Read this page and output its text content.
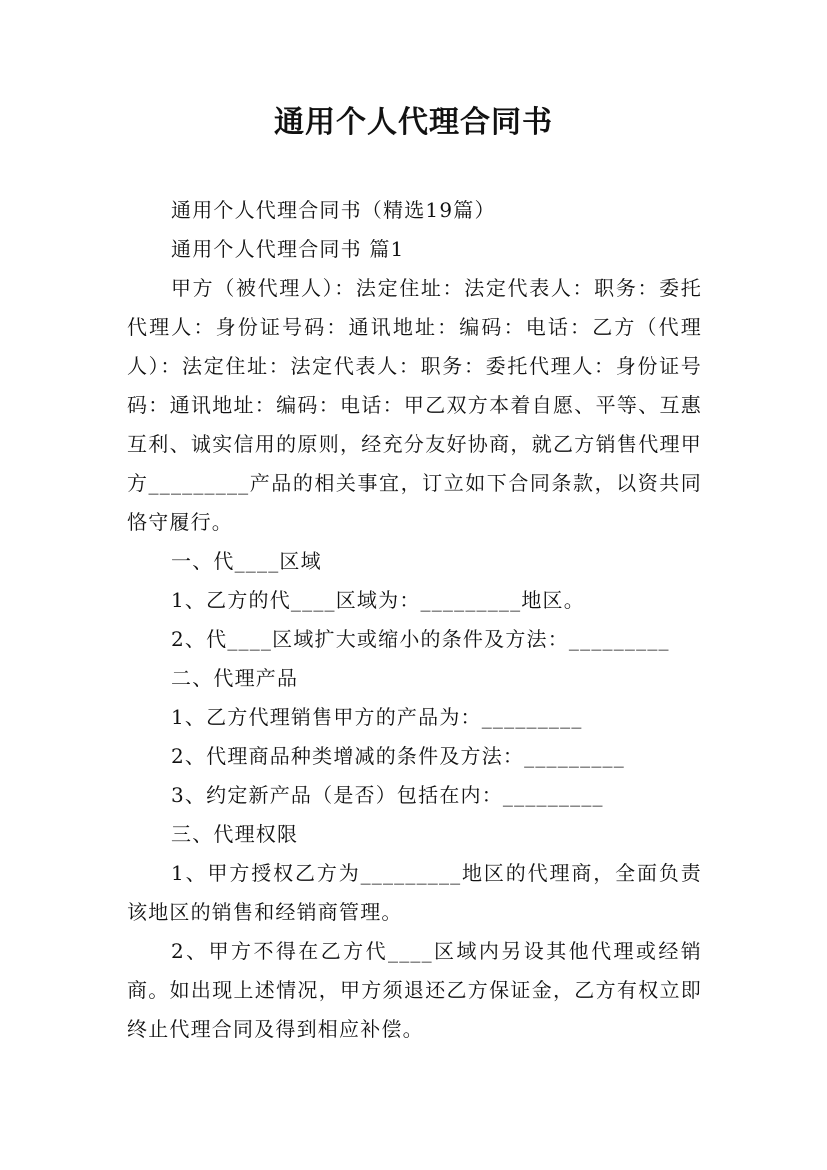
通用个人代理合同书

通用个人代理合同书（精选19篇）

通用个人代理合同书 篇1

甲方（被代理人）：法定住址：法定代表人：职务：委托代理人：身份证号码：通讯地址：编码：电话：乙方（代理人）：法定住址：法定代表人：职务：委托代理人：身份证号码：通讯地址：编码：电话：甲乙双方本着自愿、平等、互惠互利、诚实信用的原则，经充分友好协商，就乙方销售代理甲方_________产品的相关事宜，订立如下合同条款，以资共同恪守履行。

一、代____区域

1、乙方的代____区域为：_________地区。

2、代____区域扩大或缩小的条件及方法：_________

二、代理产品

1、乙方代理销售甲方的产品为：_________

2、代理商品种类增减的条件及方法：_________

3、约定新产品（是否）包括在内：_________

三、代理权限

1、甲方授权乙方为_________地区的代理商，全面负责该地区的销售和经销商管理。

2、甲方不得在乙方代____区域内另设其他代理或经销商。如出现上述情况，甲方须退还乙方保证金，乙方有权立即终止代理合同及得到相应补偿。
